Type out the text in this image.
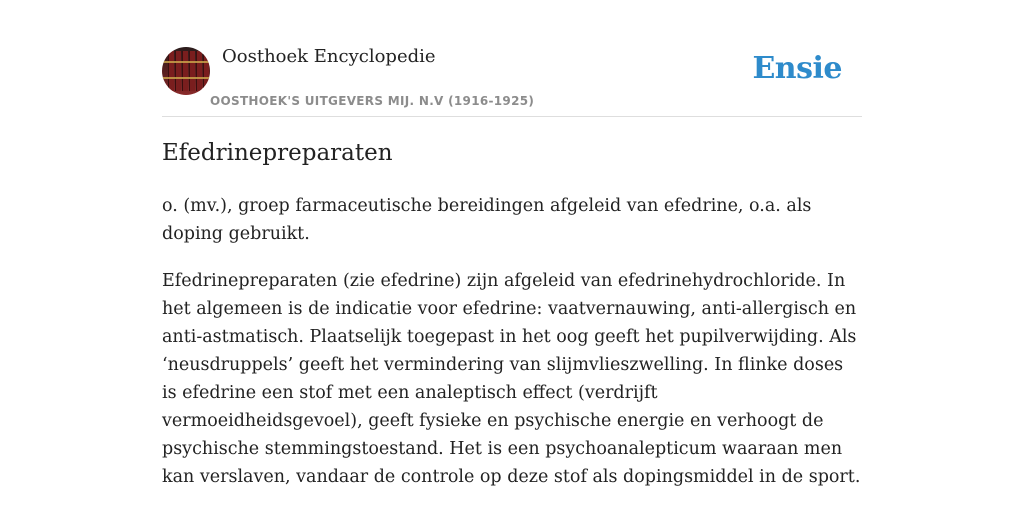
Oosthoek Encyclopedie
OOSTHOEK'S UITGEVERS MIJ. N.V (1916-1925)
Ensie
Efedrinepreparaten

o. (mv.), groep farmaceutische bereidingen afgeleid van efedrine, o.a. als doping gebruikt.

Efedrinepreparaten (zie efedrine) zijn afgeleid van efedrinehydrochloride. In het algemeen is de indicatie voor efedrine: vaatvernauwing, anti-allergisch en anti-astmatisch. Plaatselijk toegepast in het oog geeft het pupilverwijding. Als ‘neusdruppels’ geeft het vermindering van slijmvlieszwelling. In flinke doses is efedrine een stof met een analeptisch effect (verdrijft vermoeidheidsgevoel), geeft fysieke en psychische energie en verhoogt de psychische stemmingstoestand. Het is een psychoanalepticum waaraan men kan verslaven, vandaar de controle op deze stof als dopingsmiddel in de sport.
